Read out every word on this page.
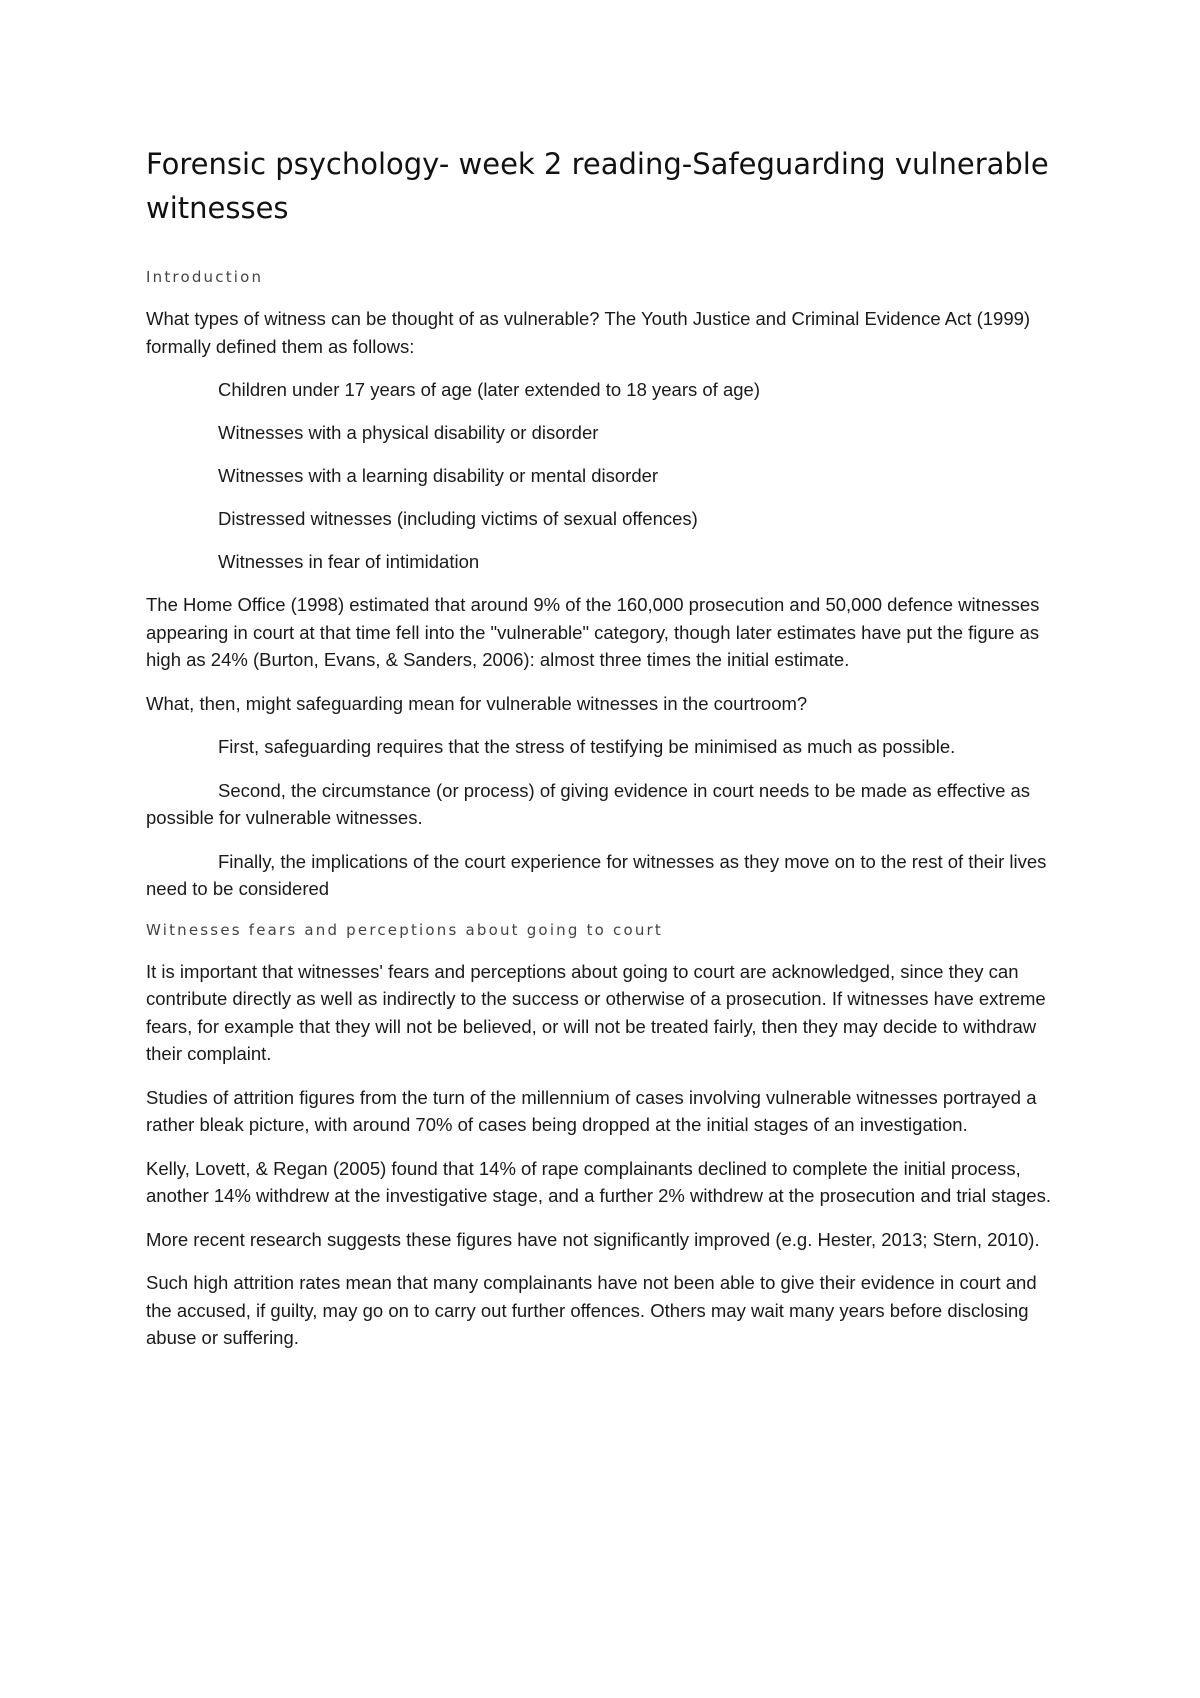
Forensic psychology- week 2 reading-Safeguarding vulnerable witnesses
Introduction

What types of witness can be thought of as vulnerable? The Youth Justice and Criminal Evidence Act (1999) formally defined them as follows:

Children under 17 years of age (later extended to 18 years of age)
Witnesses with a physical disability or disorder
Witnesses with a learning disability or mental disorder
Distressed witnesses (including victims of sexual offences)
Witnesses in fear of intimidation

The Home Office (1998) estimated that around 9% of the 160,000 prosecution and 50,000 defence witnesses appearing in court at that time fell into the "vulnerable" category, though later estimates have put the figure as high as 24% (Burton, Evans, & Sanders, 2006): almost three times the initial estimate.

What, then, might safeguarding mean for vulnerable witnesses in the courtroom?

First, safeguarding requires that the stress of testifying be minimised as much as possible.

Second, the circumstance (or process) of giving evidence in court needs to be made as effective as possible for vulnerable witnesses.

Finally, the implications of the court experience for witnesses as they move on to the rest of their lives need to be considered

Witnesses fears and perceptions about going to court

It is important that witnesses' fears and perceptions about going to court are acknowledged, since they can contribute directly as well as indirectly to the success or otherwise of a prosecution. If witnesses have extreme fears, for example that they will not be believed, or will not be treated fairly, then they may decide to withdraw their complaint.

Studies of attrition figures from the turn of the millennium of cases involving vulnerable witnesses portrayed a rather bleak picture, with around 70% of cases being dropped at the initial stages of an investigation.

Kelly, Lovett, & Regan (2005) found that 14% of rape complainants declined to complete the initial process, another 14% withdrew at the investigative stage, and a further 2% withdrew at the prosecution and trial stages.

More recent research suggests these figures have not significantly improved (e.g. Hester, 2013; Stern, 2010).

Such high attrition rates mean that many complainants have not been able to give their evidence in court and the accused, if guilty, may go on to carry out further offences. Others may wait many years before disclosing abuse or suffering.
